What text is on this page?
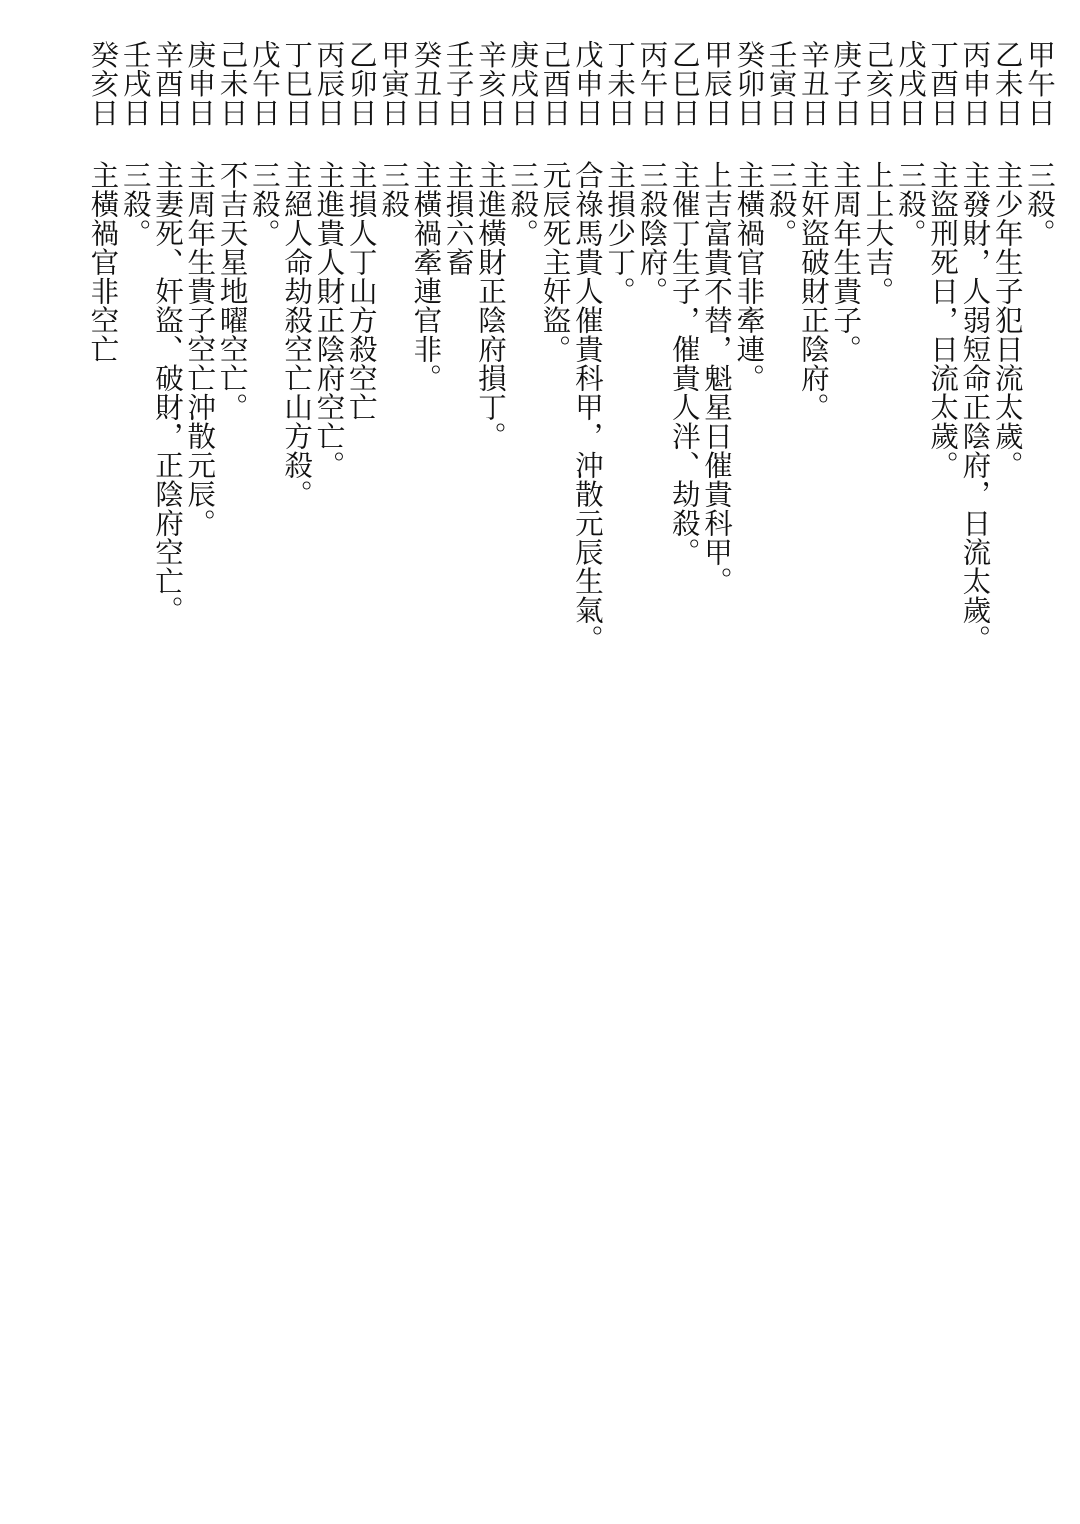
甲午日 三殺。
乙未日 主少年生子犯日流太歲。
丙申日 主發財，人弱短命正陰府，日流太歲。
丁酉日 主盜刑死日，日流太歲。
戊戌日 三殺。
己亥日 上上大吉。
庚子日 主周年生貴子。
辛丑日 主奸盜破財正陰府。
壬寅日 三殺。
癸卯日 主橫禍官非牽連。
甲辰日 上吉富貴不替，魁星日催貴科甲。
乙巳日 主催丁生子，催貴人泮、劫殺。
丙午日 三殺陰府。
丁未日 主損少丁。
戊申日 合祿馬貴人催貴科甲，沖散元辰生氣。
己酉日 元辰死主奸盜。
庚戌日 三殺。
辛亥日 主進橫財正陰府損丁。
壬子日 主損六畜
癸丑日 主橫禍牽連官非。
甲寅日 三殺
乙卯日 主損人丁山方殺空亡
丙辰日 主進貴人財正陰府空亡。
丁巳日 主絕人命劫殺空亡山方殺。
戊午日 三殺。
己未日 不吉天星地曜空亡。
庚申日 主周年生貴子空亡沖散元辰。
辛酉日 主妻死、奸盜、破財，正陰府空亡。
壬戌日 三殺。
癸亥日 主橫禍官非空亡
